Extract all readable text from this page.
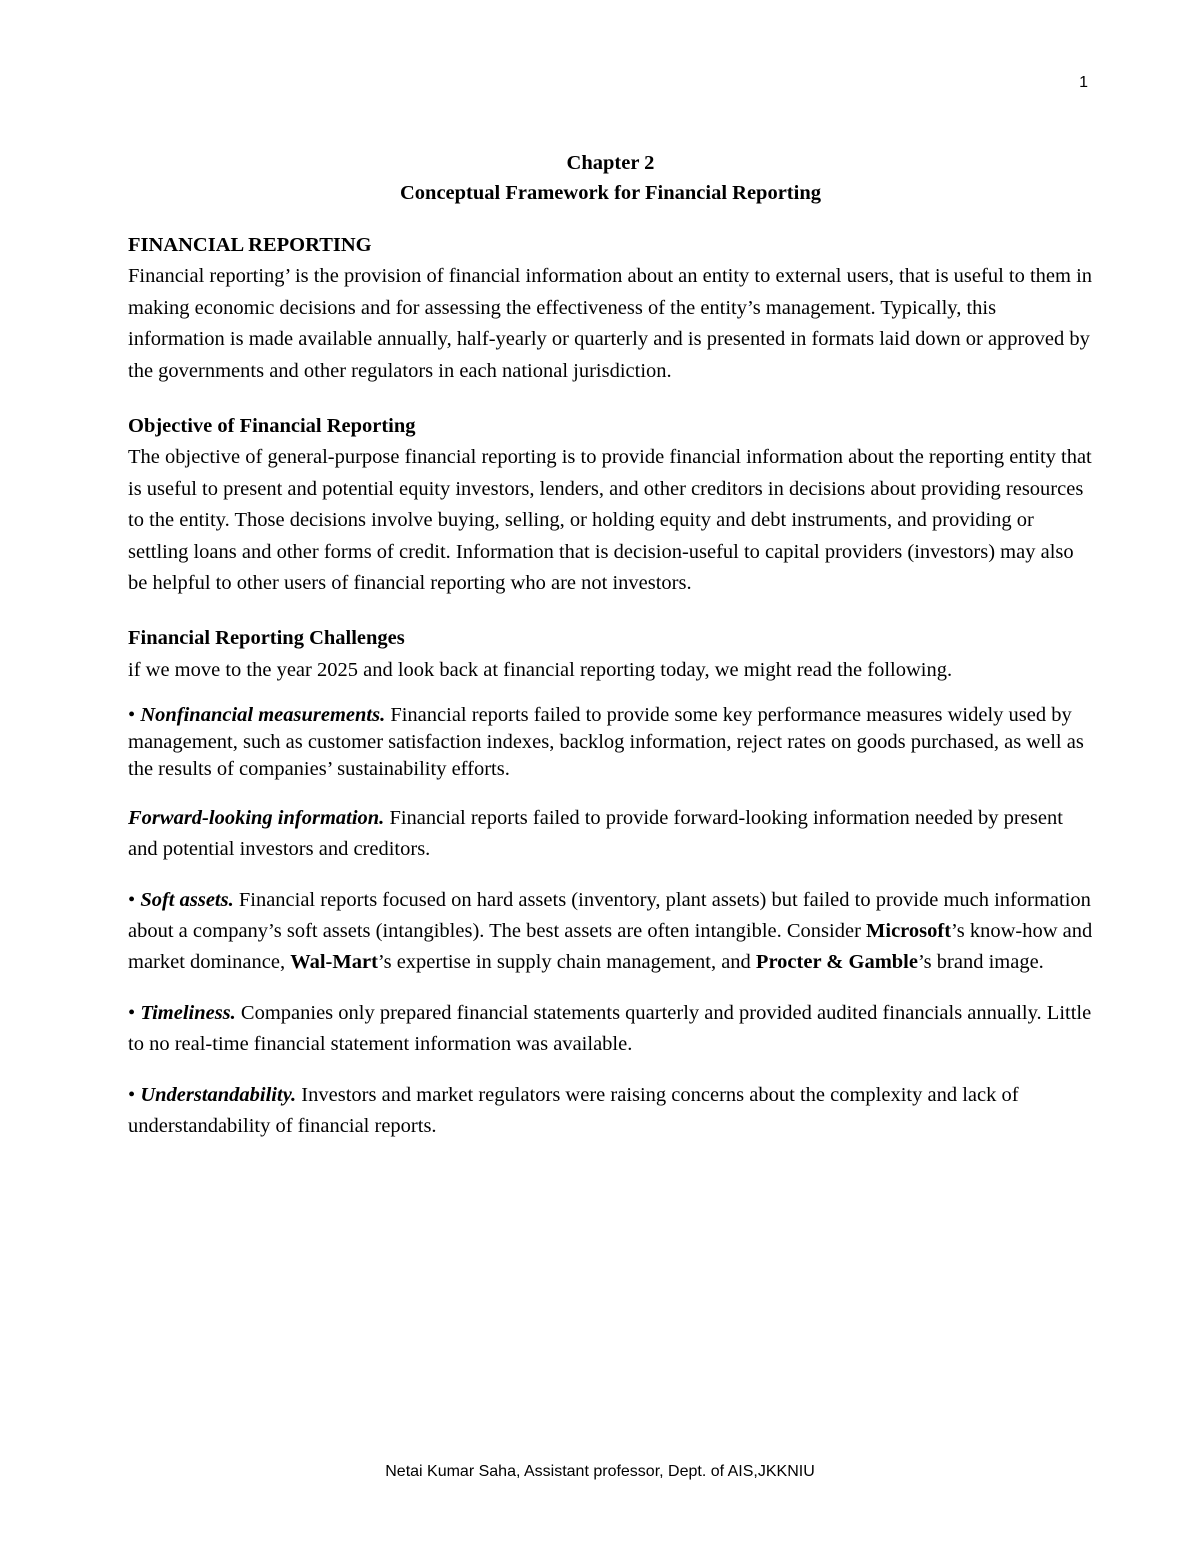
1

Chapter 2

Conceptual Framework for Financial Reporting

FINANCIAL REPORTING

Financial reporting’ is the provision of financial information about an entity to external users, that is useful to them in making economic decisions and for assessing the effectiveness of the entity’s management. Typically, this information is made available annually, half-yearly or quarterly and is presented in formats laid down or approved by the governments and other regulators in each national jurisdiction.

Objective of Financial Reporting

The objective of general-purpose financial reporting is to provide financial information about the reporting entity that is useful to present and potential equity investors, lenders, and other creditors in decisions about providing resources to the entity. Those decisions involve buying, selling, or holding equity and debt instruments, and providing or settling loans and other forms of credit. Information that is decision-useful to capital providers (investors) may also be helpful to other users of financial reporting who are not investors.

Financial Reporting Challenges

if we move to the year 2025 and look back at financial reporting today, we might read the following.

• Nonfinancial measurements. Financial reports failed to provide some key performance measures widely used by management, such as customer satisfaction indexes, backlog information, reject rates on goods purchased, as well as the results of companies’ sustainability efforts.

Forward-looking information. Financial reports failed to provide forward-looking information needed by present and potential investors and creditors.

• Soft assets. Financial reports focused on hard assets (inventory, plant assets) but failed to provide much information about a company’s soft assets (intangibles). The best assets are often intangible. Consider Microsoft’s know-how and market dominance, Wal-Mart’s expertise in supply chain management, and Procter & Gamble’s brand image.

• Timeliness. Companies only prepared financial statements quarterly and provided audited financials annually. Little to no real-time financial statement information was available.

• Understandability. Investors and market regulators were raising concerns about the complexity and lack of understandability of financial reports.

Netai Kumar Saha, Assistant professor, Dept. of AIS,JKKNIU
